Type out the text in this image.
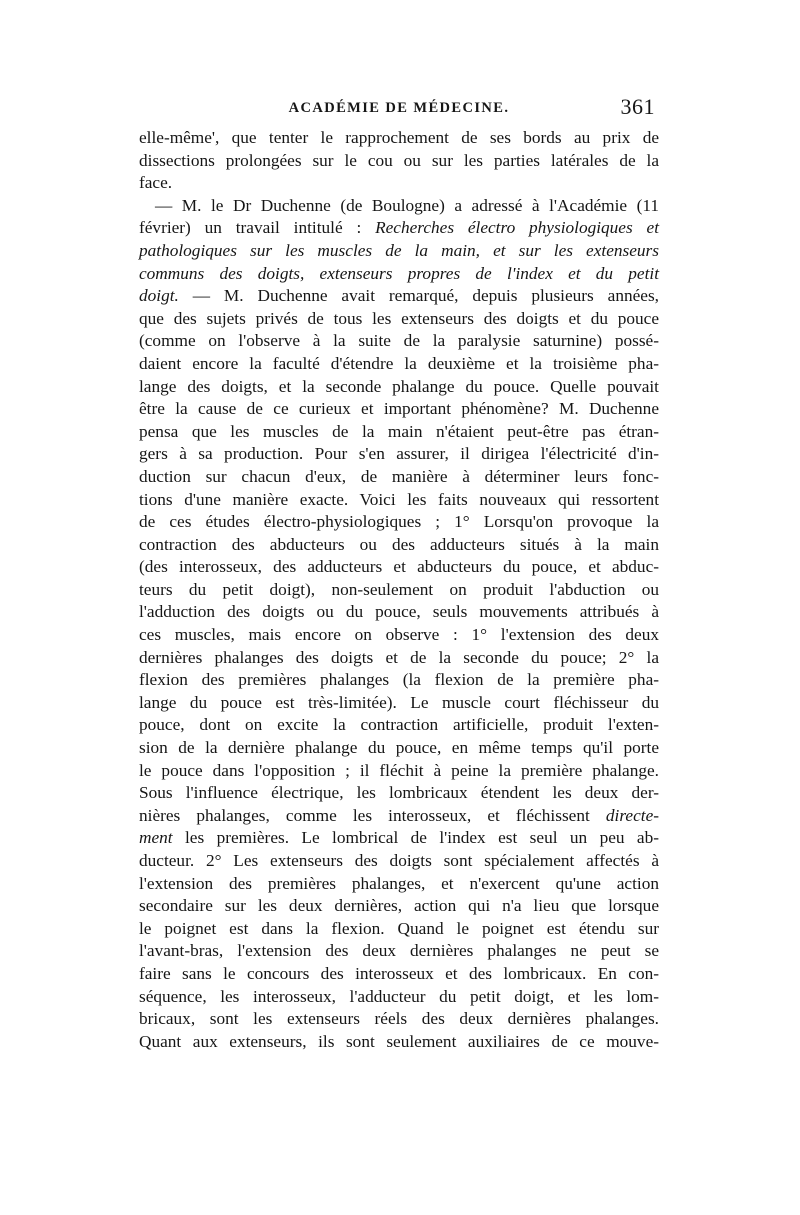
ACADÉMIE DE MÉDECINE.	361
elle-même', que tenter le rapprochement de ses bords au prix de
dissections prolongées sur le cou ou sur les parties latérales de la
face.
— M. le Dr Duchenne (de Boulogne) a adressé à l'Académie (11
février) un travail intitulé : Recherches électro physiologiques et
pathologiques sur les muscles de la main, et sur les extenseurs
communs des doigts, extenseurs propres de l'index et du petit
doigt. — M. Duchenne avait remarqué, depuis plusieurs années,
que des sujets privés de tous les extenseurs des doigts et du pouce
(comme on l'observe à la suite de la paralysie saturnine) possé-
daient encore la faculté d'étendre la deuxième et la troisième pha-
lange des doigts, et la seconde phalange du pouce. Quelle pouvait
être la cause de ce curieux et important phénomène? M. Duchenne
pensa que les muscles de la main n'étaient peut-être pas étran-
gers à sa production. Pour s'en assurer, il dirigea l'électricité d'in-
duction sur chacun d'eux, de manière à déterminer leurs fonc-
tions d'une manière exacte. Voici les faits nouveaux qui ressortent
de ces études électro-physiologiques ; 1° Lorsqu'on provoque la
contraction des abducteurs ou des adducteurs situés à la main
(des interosseux, des adducteurs et abducteurs du pouce, et abduc-
teurs du petit doigt), non-seulement on produit l'abduction ou
l'adduction des doigts ou du pouce, seuls mouvements attribués à
ces muscles, mais encore on observe : 1° l'extension des deux
dernières phalanges des doigts et de la seconde du pouce; 2° la
flexion des premières phalanges (la flexion de la première pha-
lange du pouce est très-limitée). Le muscle court fléchisseur du
pouce, dont on excite la contraction artificielle, produit l'exten-
sion de la dernière phalange du pouce, en même temps qu'il porte
le pouce dans l'opposition ; il fléchit à peine la première phalange.
Sous l'influence électrique, les lombricaux étendent les deux der-
nières phalanges, comme les interosseux, et fléchissent directe-
ment les premières. Le lombrical de l'index est seul un peu ab-
ducteur. 2° Les extenseurs des doigts sont spécialement affectés à
l'extension des premières phalanges, et n'exercent qu'une action
secondaire sur les deux dernières, action qui n'a lieu que lorsque
le poignet est dans la flexion. Quand le poignet est étendu sur
l'avant-bras, l'extension des deux dernières phalanges ne peut se
faire sans le concours des interosseux et des lombricaux. En con-
séquence, les interosseux, l'adducteur du petit doigt, et les lom-
bricaux, sont les extenseurs réels des deux dernières phalanges.
Quant aux extenseurs, ils sont seulement auxiliaires de ce mouve-
